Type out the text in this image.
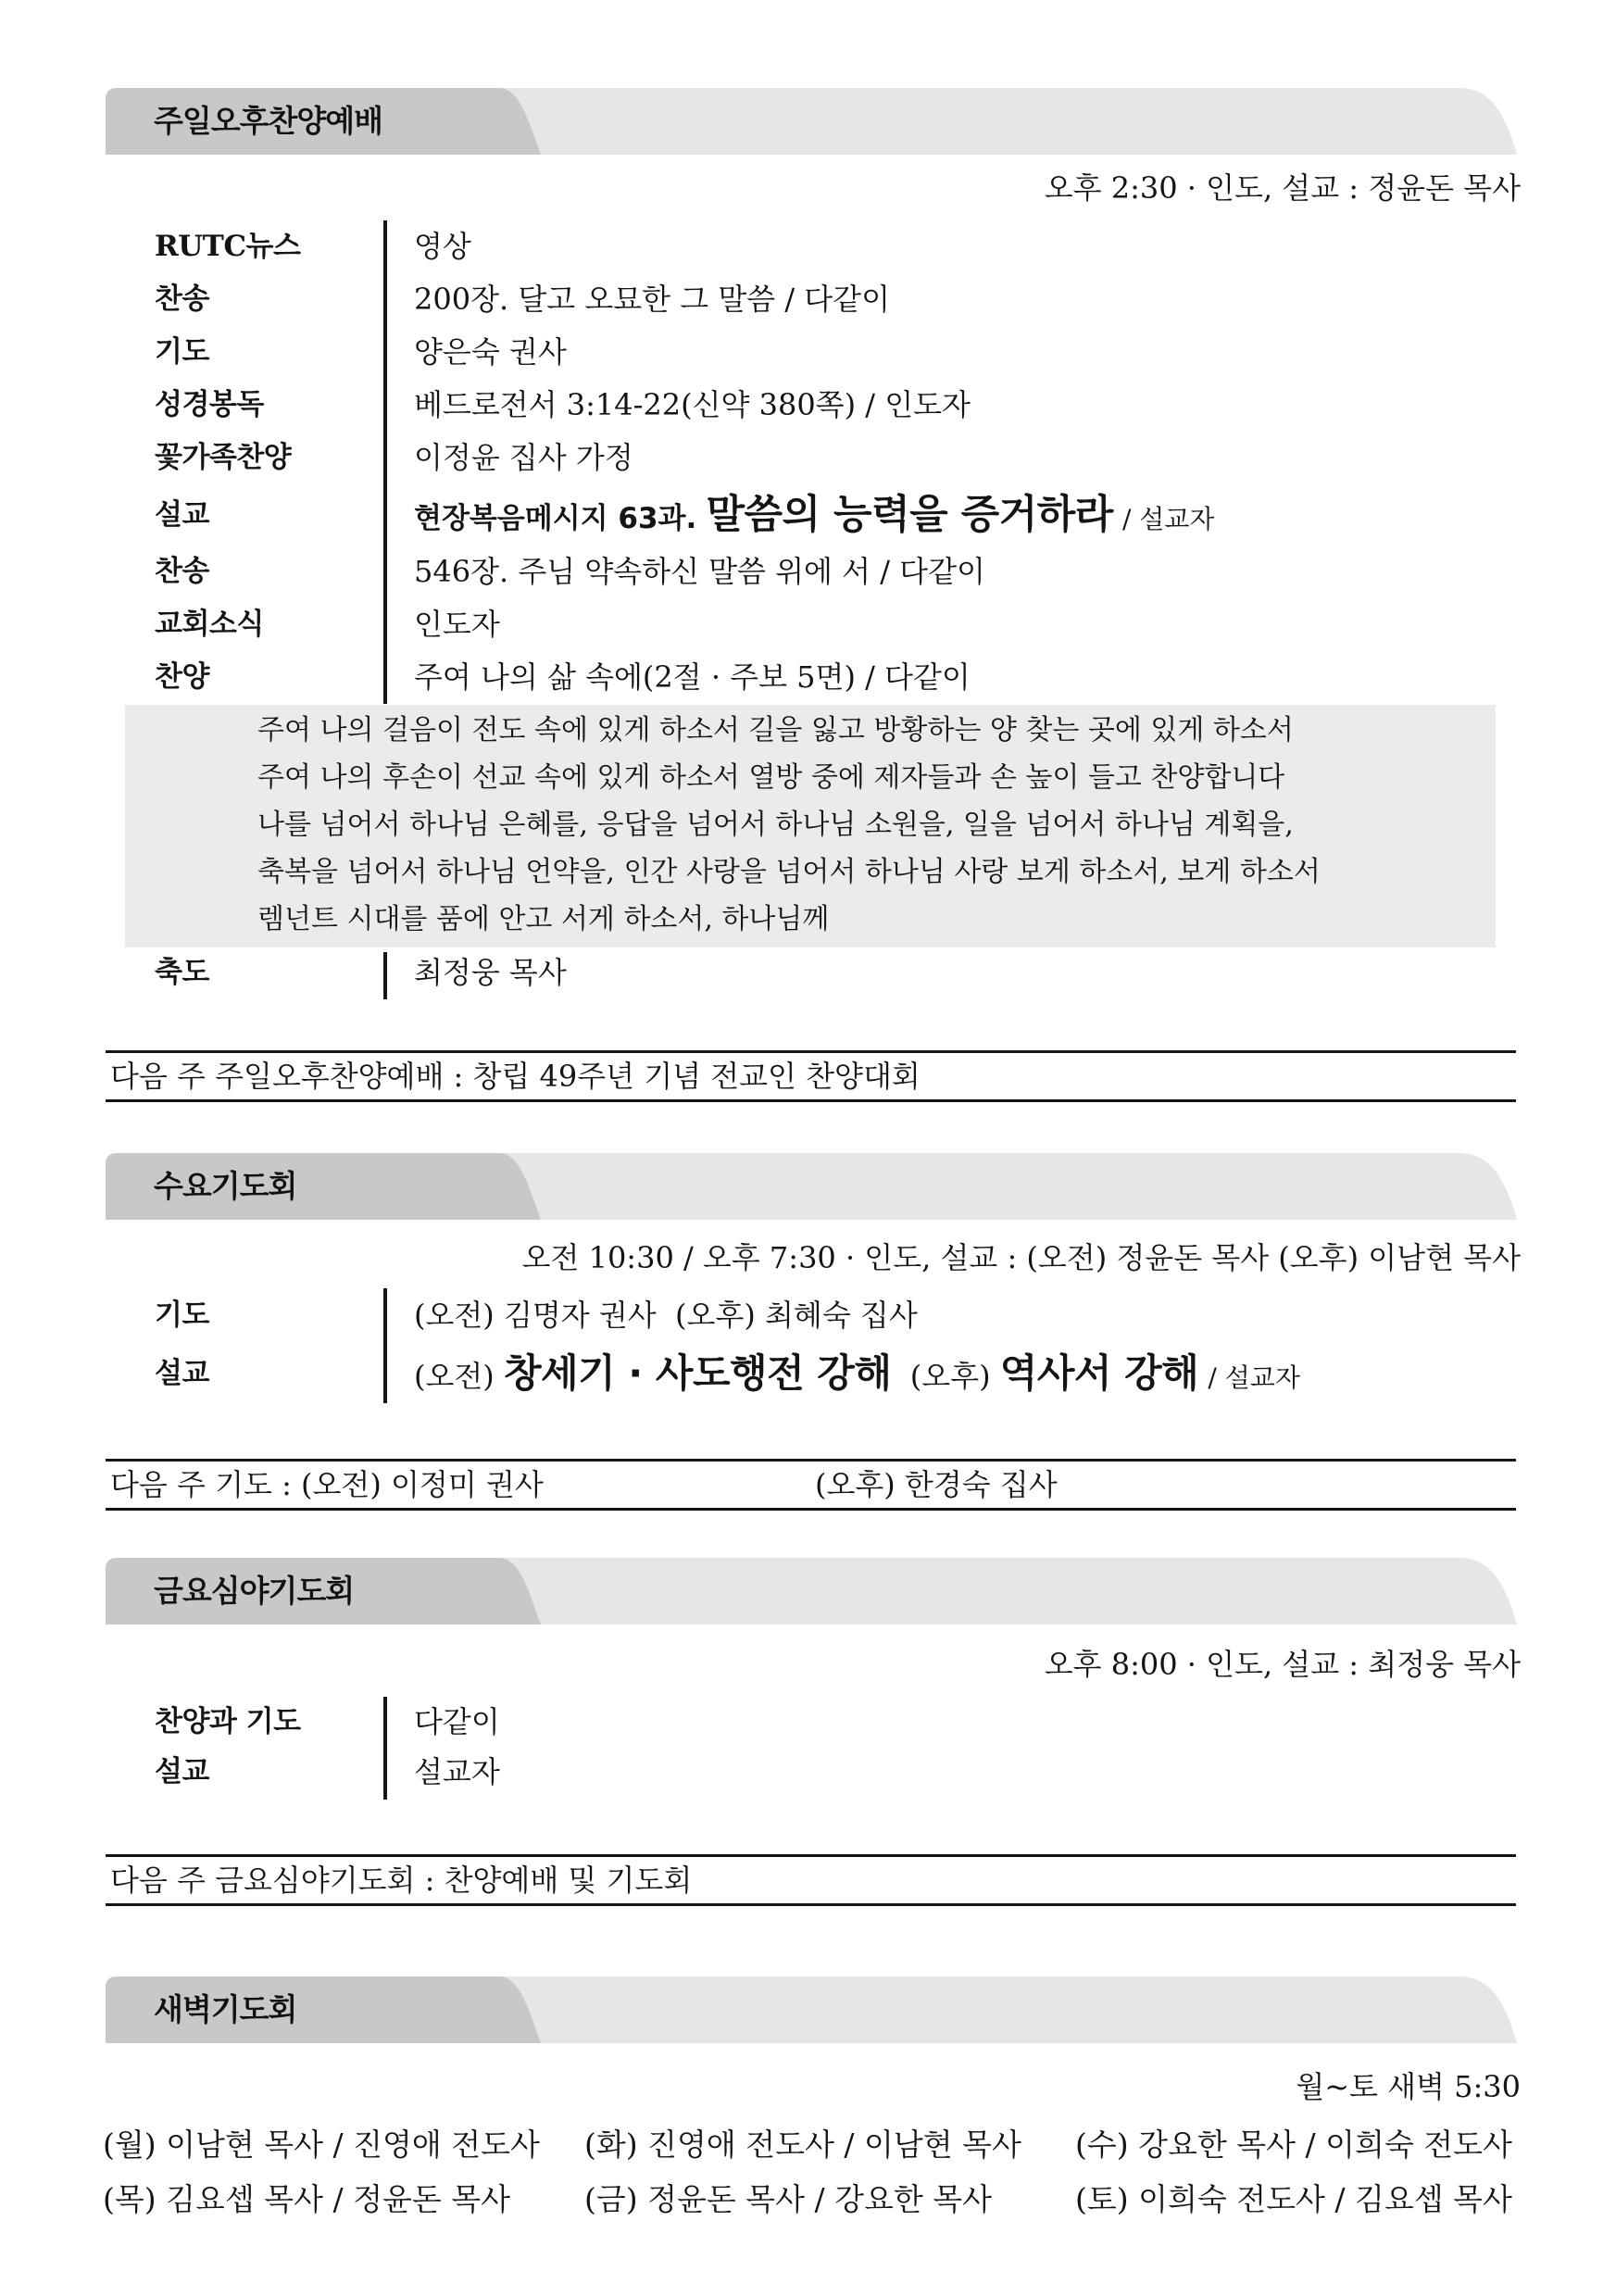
주일오후찬양예배
오후 2:30 · 인도, 설교 : 정윤돈 목사
RUTC뉴스	영상
찬송	200장. 달고 오묘한 그 말씀 / 다같이
기도	양은숙 권사
성경봉독	베드로전서 3:14-22(신약 380쪽) / 인도자
꽃가족찬양	이정윤 집사 가정
설교	현장복음메시지 63과. 말씀의 능력을 증거하라 / 설교자
찬송	546장. 주님 약속하신 말씀 위에 서 / 다같이
교회소식	인도자
찬양	주여 나의 삶 속에(2절 · 주보 5면) / 다같이
주여 나의 걸음이 전도 속에 있게 하소서 길을 잃고 방황하는 양 찾는 곳에 있게 하소서
주여 나의 후손이 선교 속에 있게 하소서 열방 중에 제자들과 손 높이 들고 찬양합니다
나를 넘어서 하나님 은혜를, 응답을 넘어서 하나님 소원을, 일을 넘어서 하나님 계획을,
축복을 넘어서 하나님 언약을, 인간 사랑을 넘어서 하나님 사랑 보게 하소서, 보게 하소서
렘넌트 시대를 품에 안고 서게 하소서, 하나님께
축도	최정웅 목사
다음 주 주일오후찬양예배 : 창립 49주년 기념 전교인 찬양대회
수요기도회
오전 10:30 / 오후 7:30 · 인도, 설교 : (오전) 정윤돈 목사 (오후) 이남현 목사
기도	(오전) 김명자 권사 (오후) 최혜숙 집사
설교	(오전) 창세기 · 사도행전 강해 (오후) 역사서 강해 / 설교자
다음 주 기도 : (오전) 이정미 권사	(오후) 한경숙 집사
금요심야기도회
오후 8:00 · 인도, 설교 : 최정웅 목사
찬양과 기도	다같이
설교	설교자
다음 주 금요심야기도회 : 찬양예배 및 기도회
새벽기도회
월~토 새벽 5:30
(월) 이남현 목사 / 진영애 전도사 (화) 진영애 전도사 / 이남현 목사 (수) 강요한 목사 / 이희숙 전도사
(목) 김요셉 목사 / 정윤돈 목사 (금) 정윤돈 목사 / 강요한 목사	(토) 이희숙 전도사 / 김요셉 목사
